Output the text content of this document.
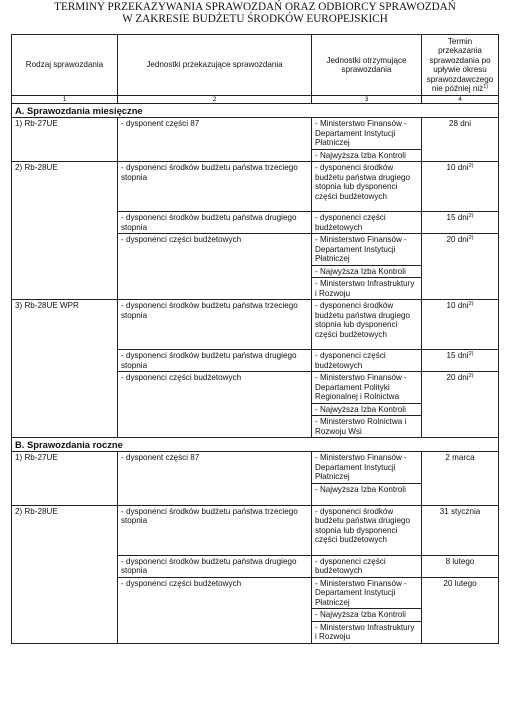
TERMINY PRZEKAZYWANIA SPRAWOZDAŃ ORAZ ODBIORCY SPRAWOZDAŃ
W ZAKRESIE BUDŻETU ŚRODKÓW EUROPEJSKICH
Rodzaj sprawozdania	Jednostki przekazujące sprawozdania	Jednostki otrzymujące sprawozdania	Termin przekazania sprawozdania po upływie okresu sprawozdawczego nie później niż$^{1)}$
1	2	3	4
A. Sprawozdania miesięczne			
1) Rb-27UE	- dysponent części 87	- Ministerstwo Finansów - Departament Instytucji Płatniczej	28 dni
		- Najwyższa Izba Kontroli	
2) Rb-28UE	- dysponenci środków budżetu państwa trzeciego stopnia	- dysponenci środków budżetu państwa drugiego stopnia lub dysponenci części budżetowych	10 dni$^{2)}$
	- dysponenci środków budżetu państwa drugiego stopnia	- dysponenci części budżetowych	15 dni$^{2)}$
	- dysponenci części budżetowych	- Ministerstwo Finansów - Departament Instytucji Płatniczej	20 dni$^{2)}$
		- Najwyższa Izba Kontroli	
		- Ministerstwo Infrastruktury i Rozwoju	
3) Rb-28UE WPR	- dysponenci środków budżetu państwa trzeciego stopnia	- dysponenci środków budżetu państwa drugiego stopnia lub dysponenci części budżetowych	10 dni$^{2)}$
	- dysponenci środków budżetu państwa drugiego stopnia	- dysponenci części budżetowych	15 dni$^{2)}$
	- dysponenci części budżetowych	- Ministerstwo Finansów - Departament Polityki Regionalnej i Rolnictwa	20 dni$^{2)}$
		- Najwyższa Izba Kontroli	
		- Ministerstwo Rolnictwa i Rozwoju Wsi	
B. Sprawozdania roczne			
1) Rb-27UE	- dysponent części 87	- Ministerstwo Finansów - Departament Instytucji Płatniczej	2 marca
		- Najwyższa Izba Kontroli	
2) Rb-28UE	- dysponenci środków budżetu państwa trzeciego stopnia	- dysponenci środków budżetu państwa drugiego stopnia lub dysponenci części budżetowych	31 stycznia
	- dysponenci środków budżetu państwa drugiego stopnia	- dysponenci części budżetowych	8 lutego
	- dysponenci części budżetowych	- Ministerstwo Finansów - Departament Instytucji Płatniczej	20 lutego
		- Najwyższa Izba Kontroli	
		- Ministerstwo Infrastruktury i Rozwoju	
